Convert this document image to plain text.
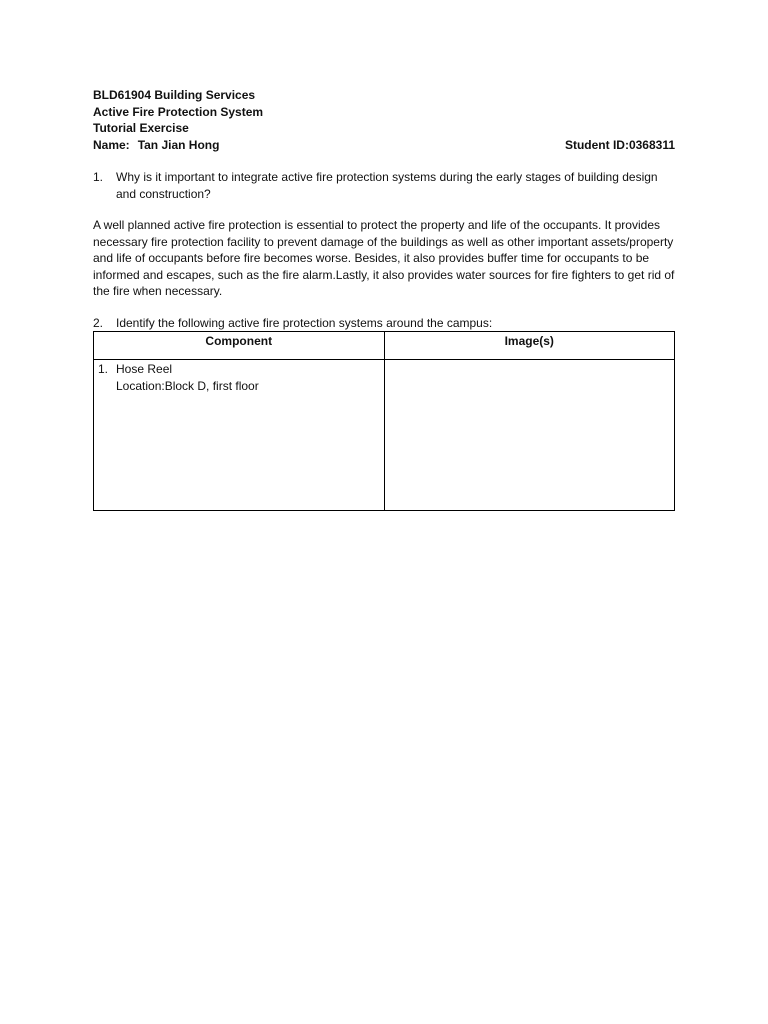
BLD61904 Building Services
Active Fire Protection System
Tutorial Exercise
Name: Tan Jian Hong	Student ID:0368311
1.	Why is it important to integrate active fire protection systems during the early stages of building design and construction?
A well planned active fire protection is essential to protect the property and life of the occupants. It provides necessary fire protection facility to prevent damage of the buildings as well as other important assets/property and life of occupants before fire becomes worse. Besides, it also provides buffer time for occupants to be informed and escapes, such as the fire alarm.Lastly, it also provides water sources for fire fighters to get rid of the fire when necessary.
2.	Identify the following active fire protection systems around the campus:
Component	Image(s)

1. Hose Reel
Location:Block D, first floor	
